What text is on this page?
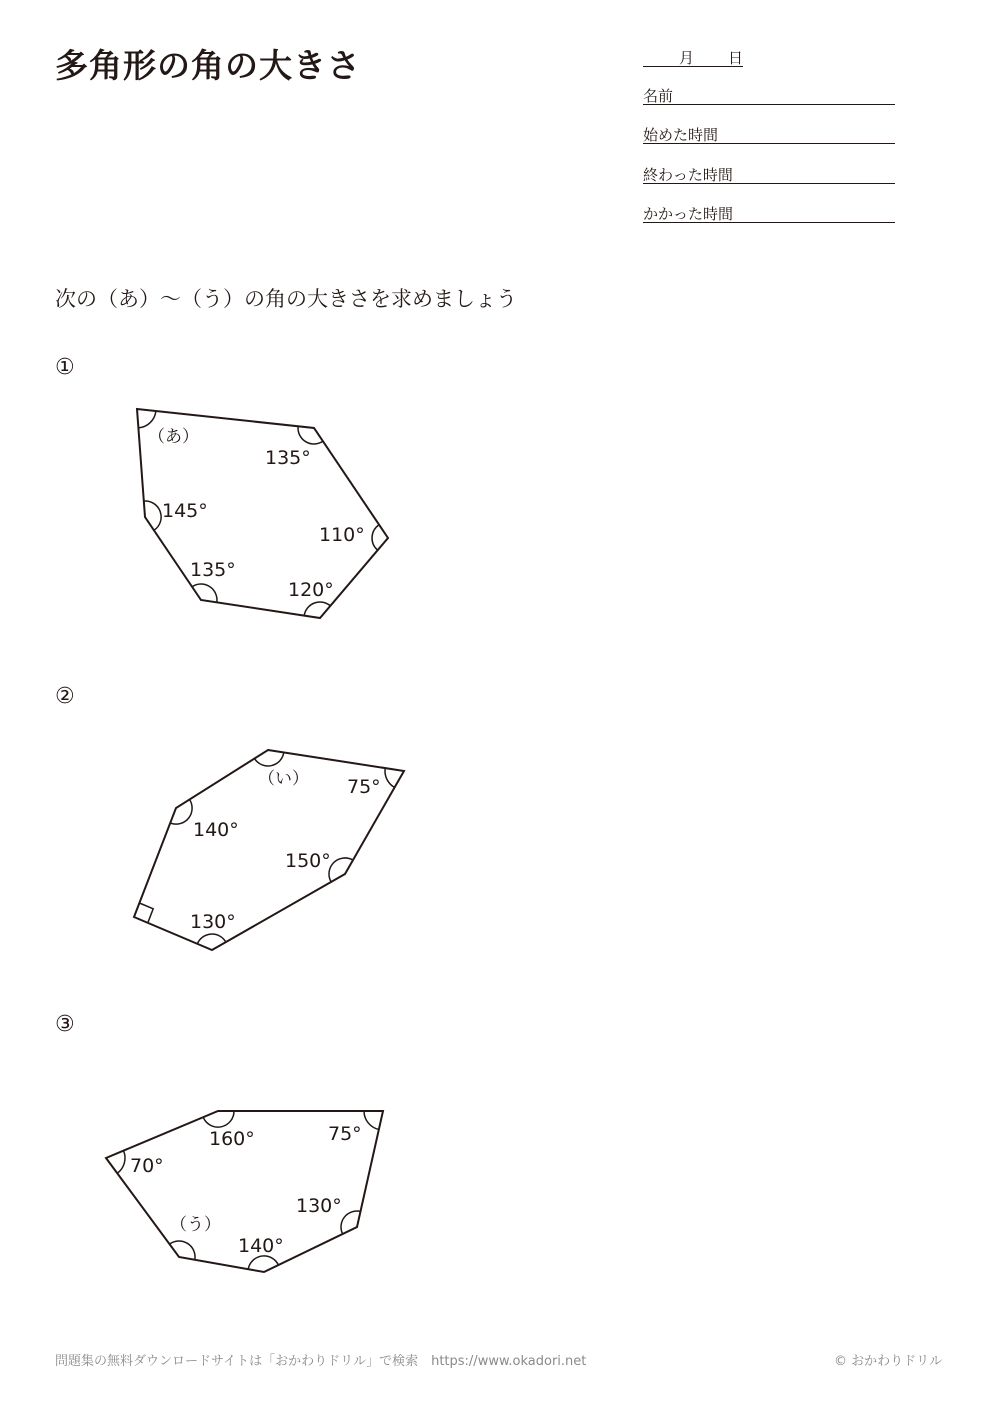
多角形の角の大きさ	月 日
名前
始めた時間
終わった時間
かかった時間

次の（あ）～（う）の角の大きさを求めましょう

①
（あ）
135°
110°
120°
135°
145°
②
（い） 75°
150°
130°
140°
③
160°	75°
130°
140°
（う）
70°
問題集の無料ダウンロードサイトは「おかわりドリル」で検索　https://www.okadori.net	© おかわりドリル
